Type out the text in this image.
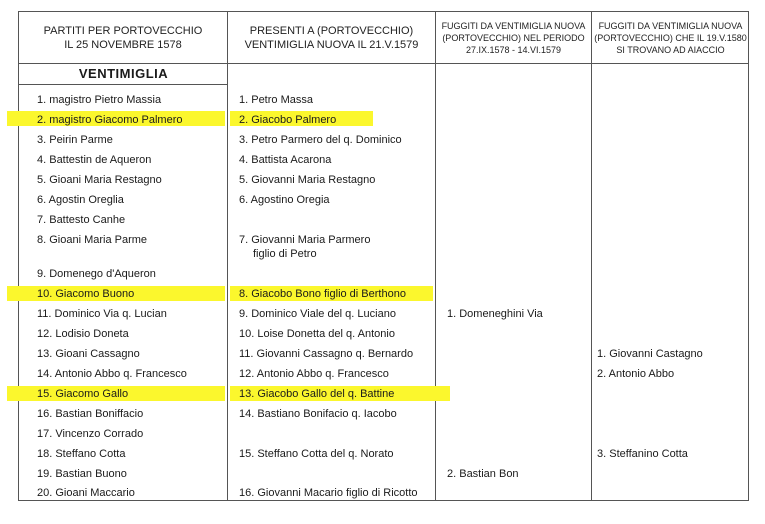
PARTITI PER PORTOVECCHIO
IL 25 NOVEMBRE 1578
PRESENTI A (PORTOVECCHIO)
VENTIMIGLIA NUOVA IL 21.V.1579
FUGGITI DA VENTIMIGLIA NUOVA
(PORTOVECCHIO) NEL PERIODO
27.IX.1578 - 14.VI.1579
FUGGITI DA VENTIMIGLIA NUOVA
(PORTOVECCHIO) CHE IL 19.V.1580
SI TROVANO AD AIACCIO
VENTIMIGLIA
1. magistro Pietro Massia
2. magistro Giacomo Palmero
3. Peirin Parme
4. Battestin de Aqueron
5. Gioani Maria Restagno
6. Agostin Oreglia
7. Battesto Canhe
8. Gioani Maria Parme
9. Domenego d'Aqueron
10. Giacomo Buono
11. Dominico Via q. Lucian
12. Lodisio Doneta
13. Gioani Cassagno
14. Antonio Abbo q. Francesco
15. Giacomo Gallo
16. Bastian Boniffacio
17. Vincenzo Corrado
18. Steffano Cotta
19. Bastian Buono
20. Gioani Maccario
1. Petro Massa
2. Giacobo Palmero
3. Petro Parmero del q. Dominico
4. Battista Acarona
5. Giovanni Maria Restagno
6. Agostino Oregia
7. Giovanni Maria Parmero
figlio di Petro
8. Giacobo Bono figlio di Berthono
9. Dominico Viale del q. Luciano
10. Loise Donetta del q. Antonio
11. Giovanni Cassagno q. Bernardo
12. Antonio Abbo q. Francesco
13. Giacobo Gallo del q. Battine
14. Bastiano Bonifacio q. Iacobo
15. Steffano Cotta del q. Norato
16. Giovanni Macario figlio di Ricotto
1. Domeneghini Via
2. Bastian Bon
1. Giovanni Castagno
2. Antonio Abbo
3. Steffanino Cotta
